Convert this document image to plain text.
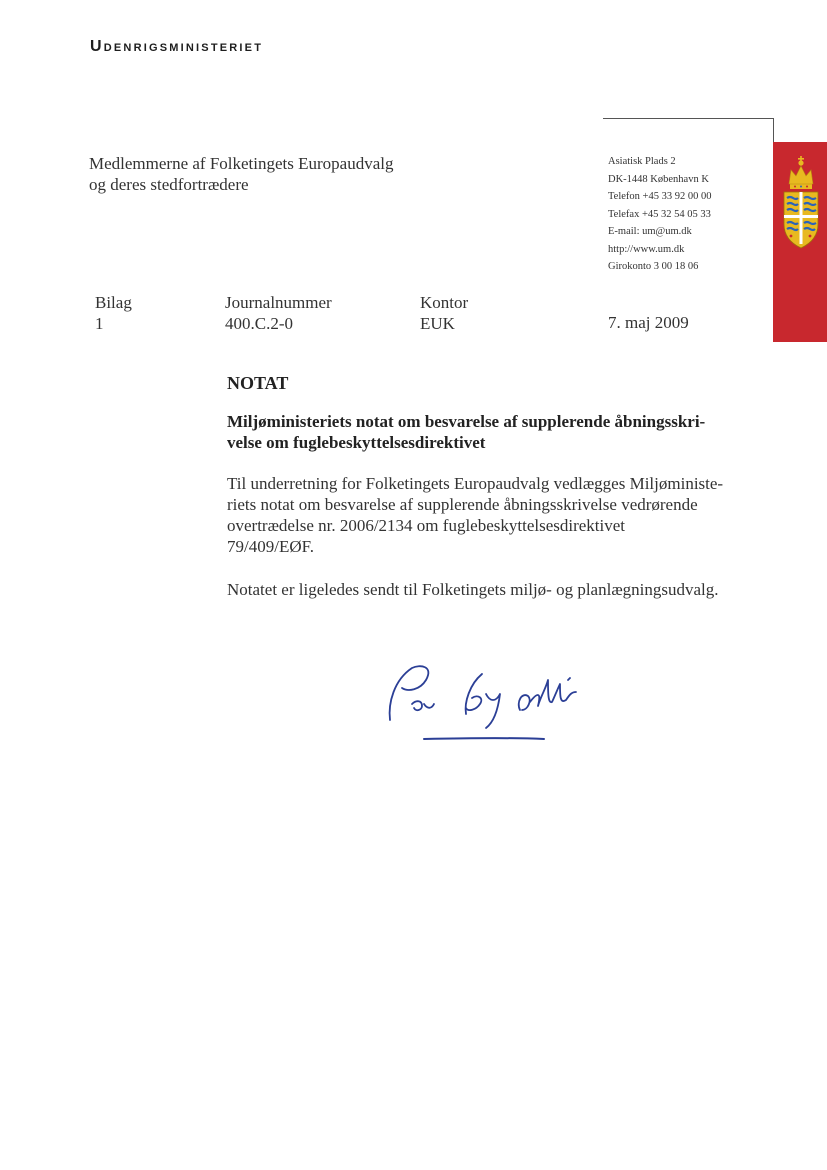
Udenrigsministeriet
Medlemmerne af Folketingets Europaudvalg
og deres stedfortrædere
Asiatisk Plads 2
DK-1448 København K
Telefon +45 33 92 00 00
Telefax +45 32 54 05 33
E-mail: um@um.dk
http://www.um.dk
Girokonto 3 00 18 06
Bilag
1
Journalnummer
400.C.2-0
Kontor
EUK	7. maj 2009
NOTAT
Miljøministeriets notat om besvarelse af supplerende åbningsskri-
velse om fuglebeskyttelsesdirektivet
Til underretning for Folketingets Europaudvalg vedlægges Miljøministe-
riets notat om besvarelse af supplerende åbningsskrivelse vedrørende
overtrædelse nr. 2006/2134 om fuglebeskyttelsesdirektivet
79/409/EØF.
Notatet er ligeledes sendt til Folketingets miljø- og planlægningsudvalg.
